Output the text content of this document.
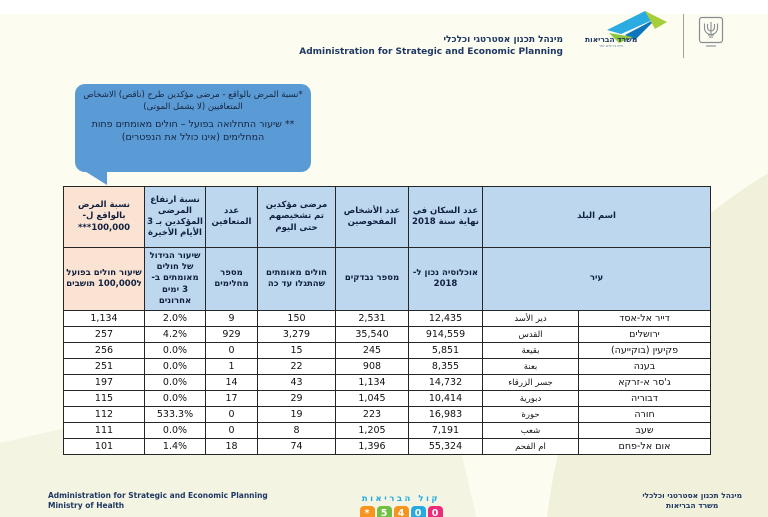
מינהל תכנון אסטרטגי וכלכלי
Administration for Strategic and Economic Planning
משרד הבריאות
חיים בריאים יותר

*نسبة المرض بالواقع - مرضى مؤكدين طرح (ناقص) الاشخاص المتعافيين (لا يشمل الموتى)

** שיעור התחלואה בפועל – חולים מאומתים פחות המחלימים (אינו כולל את הנפטרים)

نسبة المرض بالواقع ل- 100,000***	نسبة ارتفاع المرضى المؤكدين بـ 3 الأيام الأخيرة	عدد المتعافين	مرضى مؤكدين تم تشخيصهم حتى اليوم	عدد الأشخاص المفحوصين	عدد السكان في نهاية سنة 2018	اسم البلد	
שיעור חולים בפועל ל100,000 תושבים	שיעור הגידול של חולים מאומתים ב- 3 ימים אחרונים	מספר מחלימים	חולים מאומתים שהתגלו עד כה	מספר נבדקים	אוכלוסיה נכון ל- 2018	עיר	
1,134	2.0%	9	150	2,531	12,435	دير الأسد	דייר אל-אסד
257	4.2%	929	3,279	35,540	914,559	القدس	ירושלים
256	0.0%	0	15	245	5,851	بقيعة	פקיעין (בוקייעה)
251	0.0%	1	22	908	8,355	بعنة	בענה
197	0.0%	14	43	1,134	14,732	جسر الزرقاء	ג'סר א-זרקא
115	0.0%	17	29	1,045	10,414	دبورية	דבוריה
112	533.3%	0	19	223	16,983	حورة	חורה
111	0.0%	0	8	1,205	7,191	شعب	שעב
101	1.4%	18	74	1,396	55,324	ام الفحم	אום אל-פחם
Administration for Strategic and Economic Planning
Ministry of Health
קול הבריאות
*	5	4	0	0
מינהל תכנון אסטרטגי וכלכלי
משרד הבריאות
